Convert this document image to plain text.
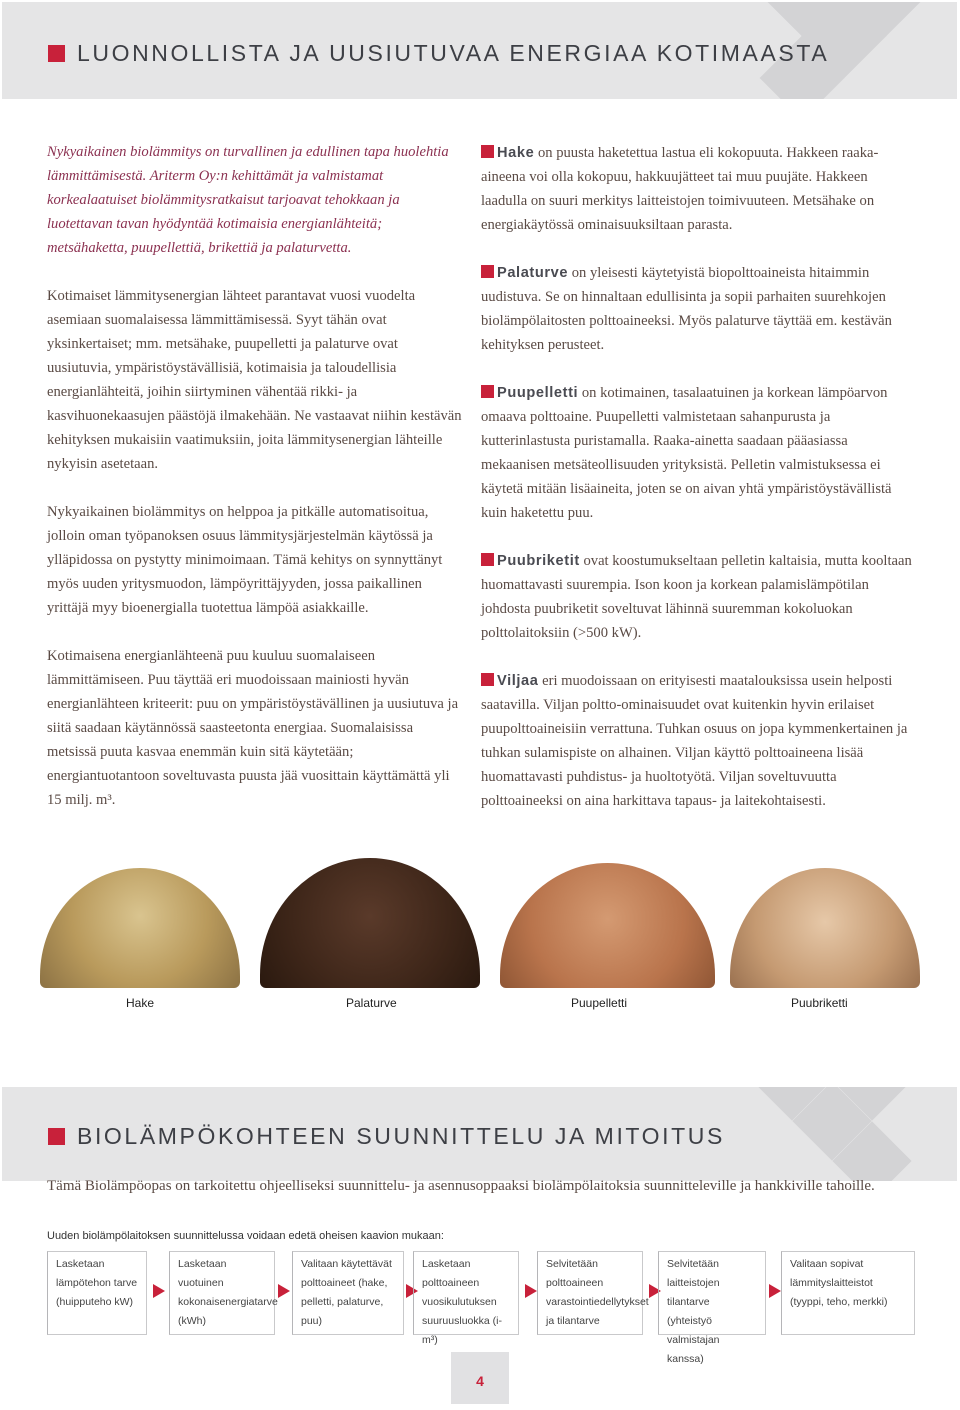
LUONNOLLISTA JA UUSIUTUVAA ENERGIAA KOTIMAASTA

Nykyaikainen biolämmitys on turvallinen ja edullinen tapa huolehtia lämmittämisestä. Ariterm Oy:n kehittämät ja valmistamat korkealaatuiset biolämmitysratkaisut tarjoavat tehokkaan ja luotettavan tavan hyödyntää kotimaisia energianlähteitä; metsähaketta, puupellettiä, brikettiä ja palaturvetta.

Kotimaiset lämmitysenergian lähteet parantavat vuosi vuodelta asemiaan suomalaisessa lämmittämisessä. Syyt tähän ovat yksinkertaiset; mm. metsähake, puupelletti ja palaturve ovat uusiutuvia, ympäristöystävällisiä, kotimaisia ja taloudellisia energianlähteitä, joihin siirtyminen vähentää rikki- ja kasvihuonekaasujen päästöjä ilmakehään. Ne vastaavat niihin kestävän kehityksen mukaisiin vaatimuksiin, joita lämmitysenergian lähteille nykyisin asetetaan.

Nykyaikainen biolämmitys on helppoa ja pitkälle automatisoitua, jolloin oman työpanoksen osuus lämmitysjärjestelmän käytössä ja ylläpidossa on pystytty minimoimaan. Tämä kehitys on synnyttänyt myös uuden yritysmuodon, lämpöyrittäjyyden, jossa paikallinen yrittäjä myy bioenergialla tuotettua lämpöä asiakkaille.

Kotimaisena energianlähteenä puu kuuluu suomalaiseen lämmittämiseen. Puu täyttää eri muodoissaan mainiosti hyvän energianlähteen kriteerit: puu on ympäristöystävällinen ja uusiutuva ja siitä saadaan käytännössä saasteetonta energiaa. Suomalaisissa metsissä puuta kasvaa enemmän kuin sitä käytetään; energiantuotantoon soveltuvasta puusta jää vuosittain käyttämättä yli 15 milj. m³.

Hake on puusta haketettua lastua eli kokopuuta. Hakkeen raaka-aineena voi olla kokopuu, hakkuujätteet tai muu puujäte. Hakkeen laadulla on suuri merkitys laitteistojen toimivuuteen. Metsähake on energiakäytössä ominaisuuksiltaan parasta.

Palaturve on yleisesti käytetyistä biopolttoaineista hitaimmin uudistuva. Se on hinnaltaan edullisinta ja sopii parhaiten suurehkojen biolämpölaitosten polttoaineeksi. Myös palaturve täyttää em. kestävän kehityksen perusteet.

Puupelletti on kotimainen, tasalaatuinen ja korkean lämpöarvon omaava polttoaine. Puupelletti valmistetaan sahanpurusta ja kutterinlastusta puristamalla. Raaka-ainetta saadaan pääasiassa mekaanisen metsäteollisuuden yrityksistä. Pelletin valmistuksessa ei käytetä mitään lisäaineita, joten se on aivan yhtä ympäristöystävällistä kuin haketettu puu.

Puubriketit ovat koostumukseltaan pelletin kaltaisia, mutta kooltaan huomattavasti suurempia. Ison koon ja korkean palamislämpötilan johdosta puubriketit soveltuvat lähinnä suuremman kokoluokan polttolaitoksiin (>500 kW).

Viljaa eri muodoissaan on erityisesti maatalouksissa usein helposti saatavilla. Viljan poltto-ominaisuudet ovat kuitenkin hyvin erilaiset puupolttoaineisiin verrattuna. Tuhkan osuus on jopa kymmenkertainen ja tuhkan sulamispiste on alhainen. Viljan käyttö polttoaineena lisää huomattavasti puhdistus- ja huoltotyötä. Viljan soveltuvuutta polttoaineeksi on aina harkittava tapaus- ja laitekohtaisesti.

Hake	Palaturve	Puupelletti	Puubriketti
BIOLÄMPÖKOHTEEN SUUNNITTELU JA MITOITUS

Tämä Biolämpöopas on tarkoitettu ohjeelliseksi suunnittelu- ja asennusoppaaksi biolämpölaitoksia suunnitteleville ja hankkiville tahoille.

Uuden biolämpölaitoksen suunnittelussa voidaan edetä oheisen kaavion mukaan:

Lasketaan lämpötehon tarve (huipputeho kW)
Lasketaan vuotuinen kokonaisenergiatarve (kWh)
Valitaan käytettävät polttoaineet (hake, pelletti, palaturve, puu)
Lasketaan polttoaineen vuosikulutuksen suuruusluokka (i-m³)
Selvitetään polttoaineen varastointiedellytykset ja tilantarve
Selvitetään laitteistojen tilantarve (yhteistyö valmistajan kanssa)
Valitaan sopivat lämmityslaitteistot (tyyppi, teho, merkki)
4
